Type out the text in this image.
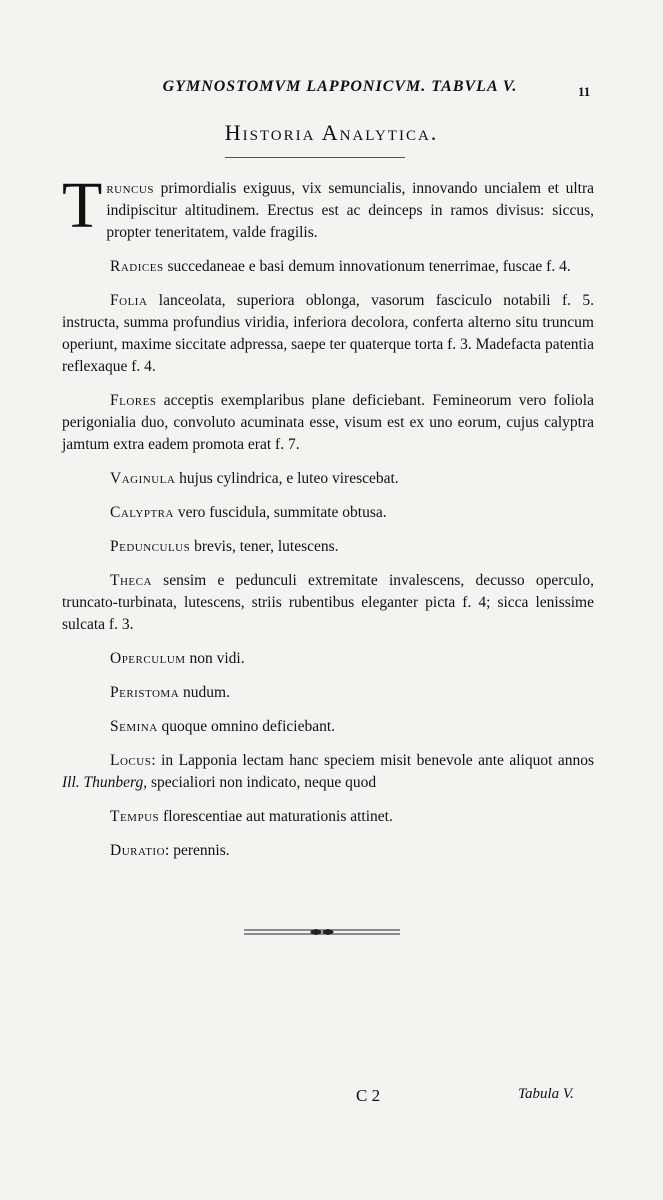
GYMNOSTOMVM LAPPONICVM. TABVLA V.	11
Historia Analytica.

Truncus primordialis exiguus, vix semuncialis, innovando uncialem et ultra indipiscitur altitudinem. Erectus est ac deinceps in ramos divisus: siccus, propter teneritatem, valde fragilis.

Radices succedaneae e basi demum innovationum tenerrimae, fuscae f. 4.

Folia lanceolata, superiora oblonga, vasorum fasciculo notabili f. 5. instructa, summa profundius viridia, inferiora decolora, conferta alterno situ truncum operiunt, maxime siccitate adpressa, saepe ter quaterque torta f. 3. Madefacta patentia reflexaque f. 4.

Flores acceptis exemplaribus plane deficiebant. Femineorum vero foliola perigonialia duo, convoluto acuminata esse, visum est ex uno eorum, cujus calyptra jamtum extra eadem promota erat f. 7.

Vaginula hujus cylindrica, e luteo virescebat.

Calyptra vero fuscidula, summitate obtusa.

Pedunculus brevis, tener, lutescens.

Theca sensim e pedunculi extremitate invalescens, decusso operculo, truncato-turbinata, lutescens, striis rubentibus eleganter picta f. 4; sicca lenissime sulcata f. 3.

Operculum non vidi.

Peristoma nudum.

Semina quoque omnino deficiebant.

Locus: in Lapponia lectam hanc speciem misit benevole ante aliquot annos Ill. Thunberg, specialiori non indicato, neque quod

Tempus florescentiae aut maturationis attinet.

Duratio: perennis.

C 2	Tabula V.
